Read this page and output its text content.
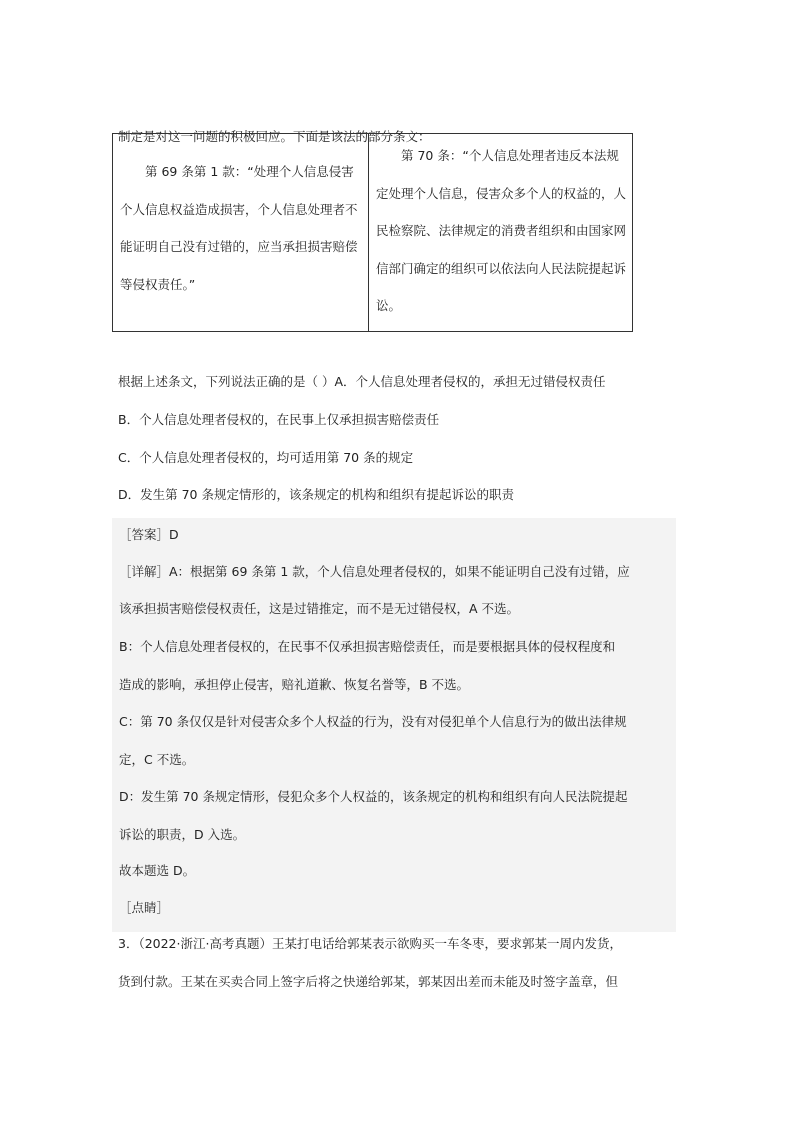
制定是对这一问题的积极回应。下面是该法的部分条文：
第 69 条第 1 款：“处理个人信息侵害个人信息权益造成损害，个人信息处理者不能证明自己没有过错的，应当承担损害赔偿等侵权责任。”

第 70 条：“个人信息处理者违反本法规定处理个人信息，侵害众多个人的权益的，人民检察院、法律规定的消费者组织和由国家网信部门确定的组织可以依法向人民法院提起诉讼。
根据上述条文，下列说法正确的是（ ）A．个人信息处理者侵权的，承担无过错侵权责任
B．个人信息处理者侵权的，在民事上仅承担损害赔偿责任
C．个人信息处理者侵权的，均可适用第 70 条的规定
D．发生第 70 条规定情形的，该条规定的机构和组织有提起诉讼的职责
［答案］D
［详解］A：根据第 69 条第 1 款，个人信息处理者侵权的，如果不能证明自己没有过错，应
该承担损害赔偿侵权责任，这是过错推定，而不是无过错侵权，A 不选。
B：个人信息处理者侵权的，在民事不仅承担损害赔偿责任，而是要根据具体的侵权程度和
造成的影响，承担停止侵害，赔礼道歉、恢复名誉等，B 不选。
C：第 70 条仅仅是针对侵害众多个人权益的行为，没有对侵犯单个人信息行为的做出法律规
定，C 不选。
D：发生第 70 条规定情形，侵犯众多个人权益的，该条规定的机构和组织有向人民法院提起
诉讼的职责，D 入选。
故本题选 D。
［点睛］
3．（2022·浙江·高考真题）王某打电话给郭某表示欲购买一车冬枣，要求郭某一周内发货，
货到付款。王某在买卖合同上签字后将之快递给郭某，郭某因出差而未能及时签字盖章，但
